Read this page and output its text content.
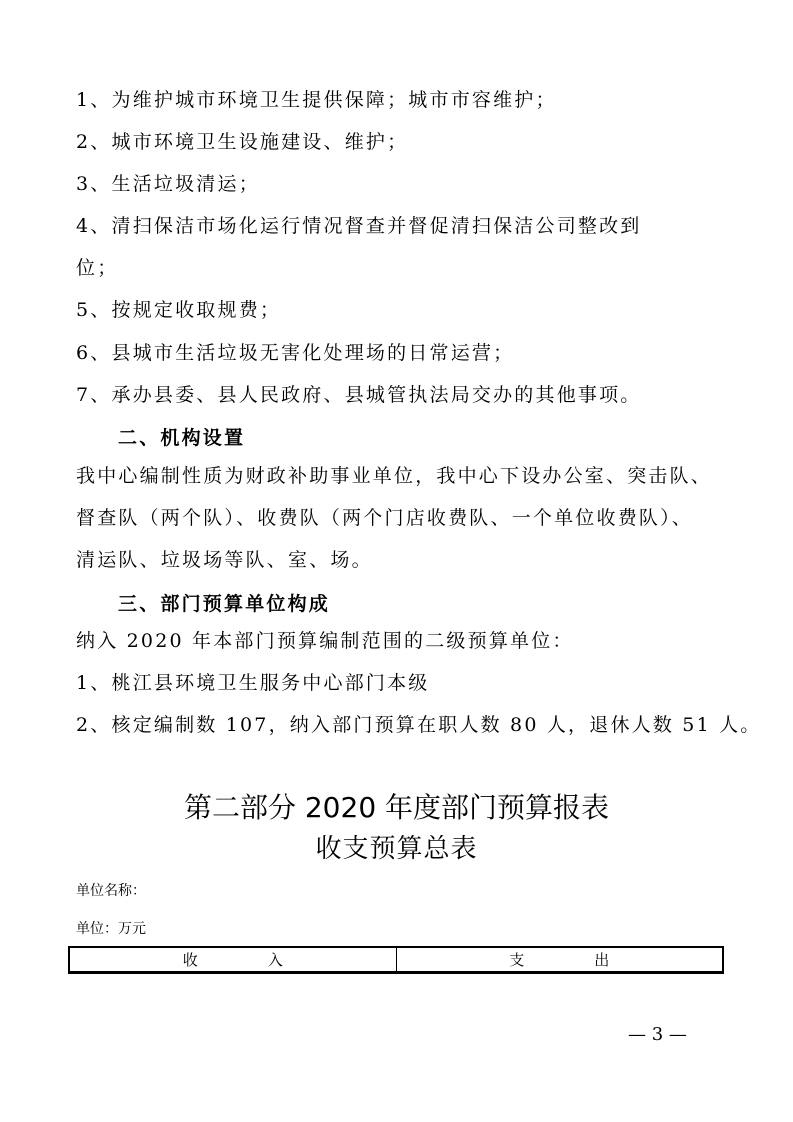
1、为维护城市环境卫生提供保障；城市市容维护；
2、城市环境卫生设施建设、维护；
3、生活垃圾清运；
4、清扫保洁市场化运行情况督查并督促清扫保洁公司整改到
位；
5、按规定收取规费；
6、县城市生活垃圾无害化处理场的日常运营；
7、承办县委、县人民政府、县城管执法局交办的其他事项。
二、机构设置
我中心编制性质为财政补助事业单位，我中心下设办公室、突击队、
督查队（两个队）、收费队（两个门店收费队、一个单位收费队）、
清运队、垃圾场等队、室、场。
三、部门预算单位构成
纳入 2020 年本部门预算编制范围的二级预算单位：
1、桃江县环境卫生服务中心部门本级
2、核定编制数 107，纳入部门预算在职人数 80 人，退休人数 51 人。
第二部分 2020 年度部门预算报表
收支预算总表
单位名称：
单位：万元
收入	支出
— 3 —
